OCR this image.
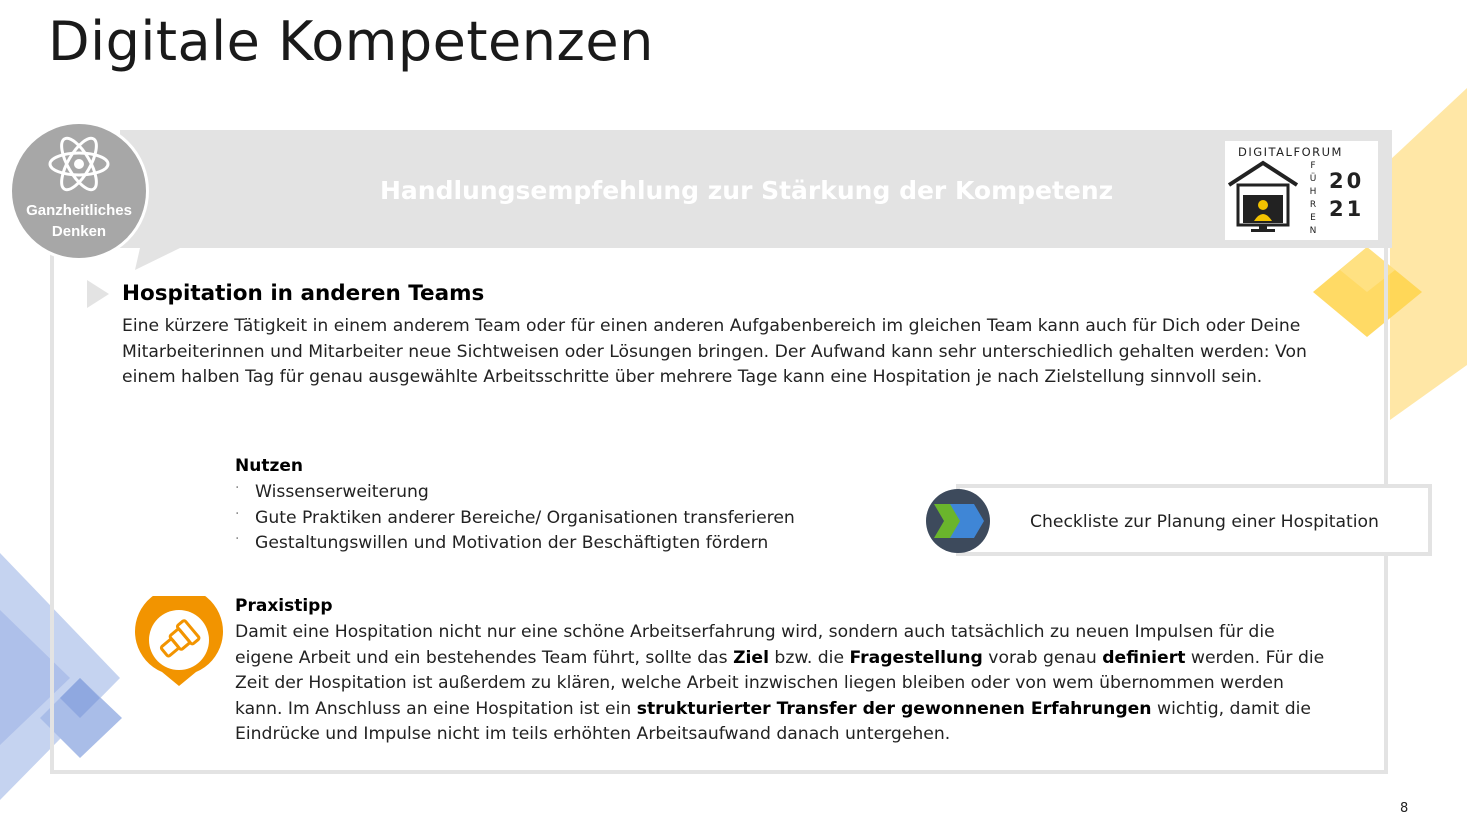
Digitale Kompetenzen
Handlungsempfehlung zur Stärkung der Kompetenz
Ganzheitliches
Denken
DIGITALFORUM
F
Ü
H
R
E
N
20
21
Hospitation in anderen Teams

Eine kürzere Tätigkeit in einem anderem Team oder für einen anderen Aufgabenbereich im gleichen Team kann auch für Dich oder Deine Mitarbeiterinnen und Mitarbeiter neue Sichtweisen oder Lösungen bringen. Der Aufwand kann sehr unterschiedlich gehalten werden: Von einem halben Tag für genau ausgewählte Arbeitsschritte über mehrere Tage kann eine Hospitation je nach Zielstellung sinnvoll sein.

Nutzen
· Wissenserweiterung
· Gute Praktiken anderer Bereiche/ Organisationen transferieren
· Gestaltungswillen und Motivation der Beschäftigten fördern
Checkliste zur Planung einer Hospitation
Praxistipp

Damit eine Hospitation nicht nur eine schöne Arbeitserfahrung wird, sondern auch tatsächlich zu neuen Impulsen für die eigene Arbeit und ein bestehendes Team führt, sollte das Ziel bzw. die Fragestellung vorab genau definiert werden. Für die Zeit der Hospitation ist außerdem zu klären, welche Arbeit inzwischen liegen bleiben oder von wem übernommen werden kann. Im Anschluss an eine Hospitation ist ein strukturierter Transfer der gewonnenen Erfahrungen wichtig, damit die Eindrücke und Impulse nicht im teils erhöhten Arbeitsaufwand danach untergehen.

8
